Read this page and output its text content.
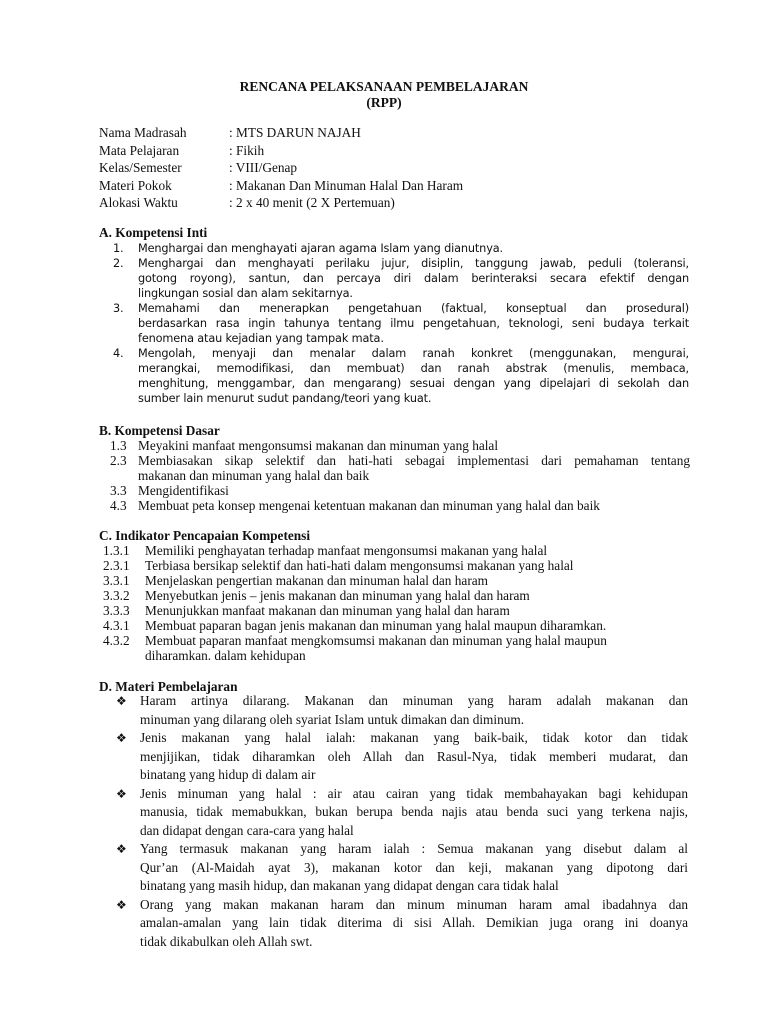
RENCANA PELAKSANAAN PEMBELAJARAN
(RPP)
Nama Madrasah	: MTS DARUN NAJAH
Mata Pelajaran	: Fikih
Kelas/Semester	: VIII/Genap
Materi Pokok	: Makanan Dan Minuman Halal Dan Haram
Alokasi Waktu	: 2 x 40 menit (2 X Pertemuan)
A. Kompetensi Inti
1.	Menghargai dan menghayati ajaran agama Islam yang dianutnya.
2.	Menghargai dan menghayati perilaku jujur, disiplin, tanggung jawab, peduli (toleransi,
gotong royong), santun, dan percaya diri dalam berinteraksi secara efektif dengan
lingkungan sosial dan alam sekitarnya.
3.	Memahami dan menerapkan pengetahuan (faktual, konseptual dan prosedural)
berdasarkan rasa ingin tahunya tentang ilmu pengetahuan, teknologi, seni budaya terkait
fenomena atau kejadian yang tampak mata.
4.	Mengolah, menyaji dan menalar dalam ranah konkret (menggunakan, mengurai,
merangkai, memodifikasi, dan membuat) dan ranah abstrak (menulis, membaca,
menghitung, menggambar, dan mengarang) sesuai dengan yang dipelajari di sekolah dan
sumber lain menurut sudut pandang/teori yang kuat.
B. Kompetensi Dasar
1.3 Meyakini manfaat mengonsumsi makanan dan minuman yang halal
2.3 Membiasakan sikap selektif dan hati-hati sebagai implementasi dari pemahaman tentang
makanan dan minuman yang halal dan baik
3.3 Mengidentifikasi
4.3 Membuat peta konsep mengenai ketentuan makanan dan minuman yang halal dan baik
C. Indikator Pencapaian Kompetensi
1.3.1	Memiliki penghayatan terhadap manfaat mengonsumsi makanan yang halal
2.3.1	Terbiasa bersikap selektif dan hati-hati dalam mengonsumsi makanan yang halal
3.3.1	Menjelaskan pengertian makanan dan minuman halal dan haram
3.3.2	Menyebutkan jenis – jenis makanan dan minuman yang halal dan haram
3.3.3	Menunjukkan manfaat makanan dan minuman yang halal dan haram
4.3.1	Membuat paparan bagan jenis makanan dan minuman yang halal maupun diharamkan.
4.3.2	Membuat paparan manfaat mengkomsumsi makanan dan minuman yang halal maupun
diharamkan. dalam kehidupan
D. Materi Pembelajaran
❖ Haram artinya dilarang. Makanan dan minuman yang haram adalah makanan dan
minuman yang dilarang oleh syariat Islam untuk dimakan dan diminum.
❖ Jenis makanan yang halal ialah: makanan yang baik-baik, tidak kotor dan tidak
menjijikan, tidak diharamkan oleh Allah dan Rasul-Nya, tidak memberi mudarat, dan
binatang yang hidup di dalam air
❖ Jenis minuman yang halal : air atau cairan yang tidak membahayakan bagi kehidupan
manusia, tidak memabukkan, bukan berupa benda najis atau benda suci yang terkena najis,
dan didapat dengan cara-cara yang halal
❖ Yang termasuk makanan yang haram ialah : Semua makanan yang disebut dalam al
Qur’an (Al-Maidah ayat 3), makanan kotor dan keji, makanan yang dipotong dari
binatang yang masih hidup, dan makanan yang didapat dengan cara tidak halal
❖ Orang yang makan makanan haram dan minum minuman haram amal ibadahnya dan
amalan-amalan yang lain tidak diterima di sisi Allah. Demikian juga orang ini doanya
tidak dikabulkan oleh Allah swt.
